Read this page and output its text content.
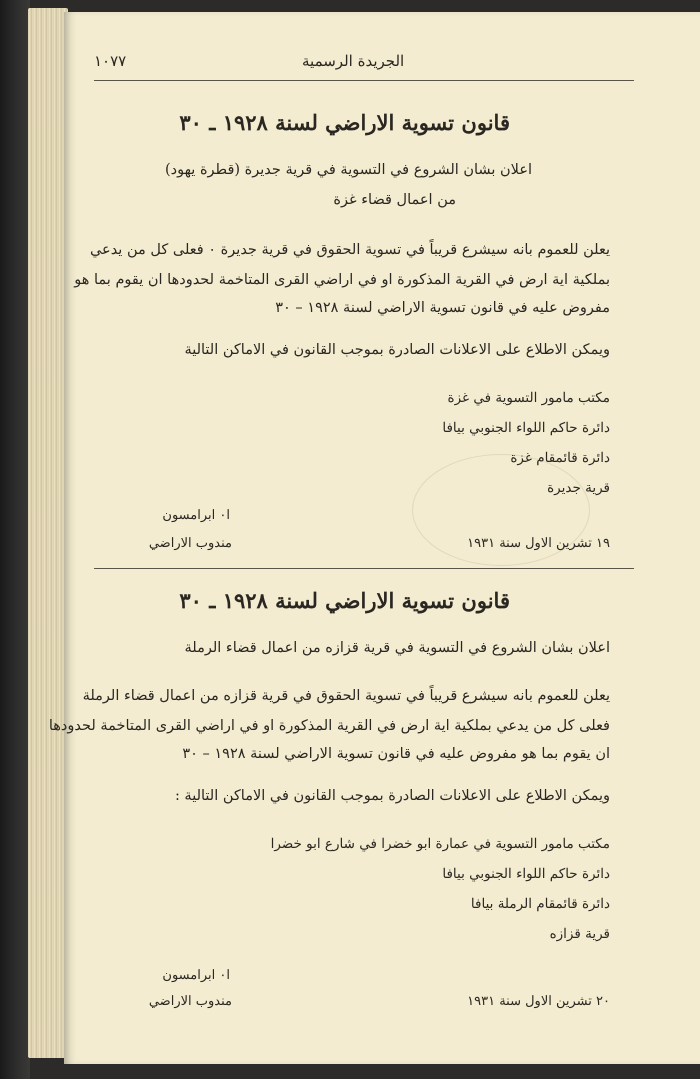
١٠٧٧	الجريدة الرسمية
قانون تسوية الاراضي لسنة ١٩٢٨ ـ ٣٠
اعلان بشان الشروع في التسوية في قرية جديرة (قطرة يهود)
من اعمال قضاء غزة
يعلن للعموم بانه سيشرع قريباً في تسوية الحقوق في قرية جديرة ٠ فعلى كل من يدعي
بملكية اية ارض في القرية المذكورة او في اراضي القرى المتاخمة لحدودها ان يقوم بما هو
مفروض عليه في قانون تسوية الاراضي لسنة ١٩٢٨ – ٣٠
ويمكن الاطلاع على الاعلانات الصادرة بموجب القانون في الاماكن التالية
مكتب مامور التسوية في غزة
دائرة حاكم اللواء الجنوبي بيافا
دائرة قائمقام غزة
قرية جديرة
ا٠ ابرامسون
١٩ تشرين الاول سنة ١٩٣١
مندوب الاراضي
قانون تسوية الاراضي لسنة ١٩٢٨ ـ ٣٠
اعلان بشان الشروع في التسوية في قرية قزازه من اعمال قضاء الرملة
يعلن للعموم بانه سيشرع قريباً في تسوية الحقوق في قرية قزازه من اعمال قضاء الرملة
فعلى كل من يدعي بملكية اية ارض في القرية المذكورة او في اراضي القرى المتاخمة لحدودها
ان يقوم بما هو مفروض عليه في قانون تسوية الاراضي لسنة ١٩٢٨ – ٣٠
ويمكن الاطلاع على الاعلانات الصادرة بموجب القانون في الاماكن التالية :
مكتب مامور التسوية في عمارة ابو خضرا في شارع ابو خضرا
دائرة حاكم اللواء الجنوبي بيافا
دائرة قائمقام الرملة بيافا
قرية قزازه
ا٠ ابرامسون
٢٠ تشرين الاول سنة ١٩٣١
مندوب الاراضي
